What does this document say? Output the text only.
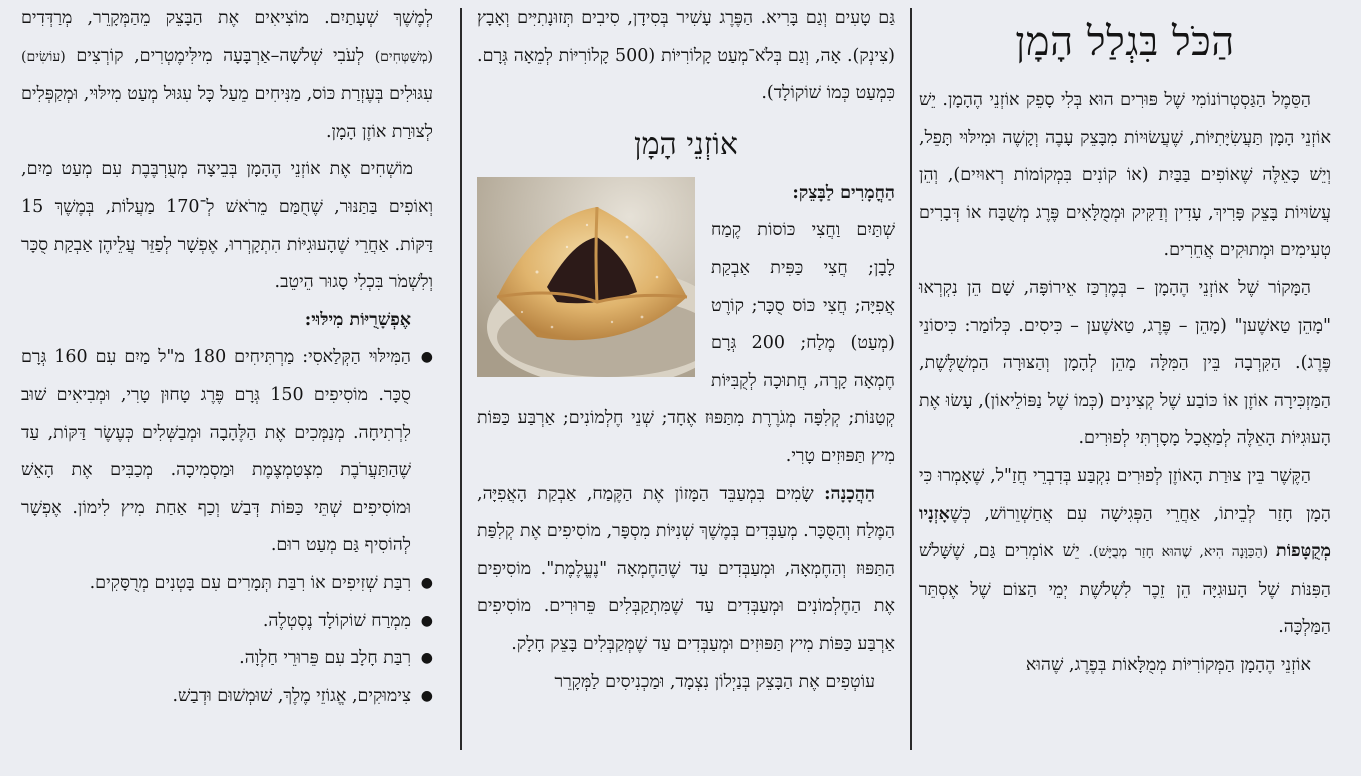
הַכֹּל בִּגְלַל הָמָן

הַסֵּמֶל הַגַּסְטְרוֹנוֹמִי שֶׁל פּוּרִים הוּא בְּלִי סָפֵק אוֹזְנֵי הֶהָמָן. יֵשׁ אוֹזְנֵי הָמָן תַּעֲשִׂיָּתִיּוֹת, שֶׁעֲשׂוּיוֹת מִבָּצֵק עָבֶה וְקָשֶׁה וּמִילּוּי תָּפֵל, וְיֵשׁ כָּאֵלֶּה שֶׁאוֹפִים בַּבַּיִת (אוֹ קוֹנִים בִּמְקוֹמוֹת רְאוּיִים), וְהֵן עֲשׂוּיוֹת בָּצֵק פָּרִיךְ, עָדִין וְדַקִּיק וּמְמֻלָּאִים פֶּרֶג מְשֻׁבָּח אוֹ דְּבָרִים טְעִימִים וּמְתוּקִים אֲחֵרִים.

הַמָּקוֹר שֶׁל אוֹזְנֵי הֶהָמָן – בְּמֶרְכַּז אֵירוֹפָּה, שָׁם הֵן נִקְרְאוּ "מָהֵן טַאשֶׁען" (מָהֵן – פֶּרֶג, טַאשֶׁען – כִּיסִים. כְּלוֹמַר: כִּיסוֹנֵי פֶּרֶג). הַקִּרְבָה בֵּין הַמִּלָּה מָהֵן לְהָמָן וְהַצּוּרָה הַמְשֻׁלֶּשֶׁת, הַמַּזְכִּירָה אוֹזֶן אוֹ כּוֹבַע שֶׁל קְצִינִים (כְּמוֹ שֶׁל נַפּוֹלֵיאוֹן), עָשׂוּ אֶת הָעוּגִיּוֹת הָאֵלֶּה לְמַאֲכָל מָסָרְתִּי לְפוּרִים.

הַקֶּשֶׁר בֵּין צוּרַת הָאוֹזֶן לְפוּרִים נִקְבַּע בְּדִבְרֵי חֲזַ"ל, שֶׁאָמְרוּ כִּי הָמָן חָזַר לְבֵיתוֹ, אַחֲרֵי הַפְּגִישָׁה עִם אֲחַשְׁוֵרוֹשׁ, כְּשֶׁאָזְנָיו מְקֻטָּפוֹת (הַכַּוָּנָה הִיא, שֶׁהוּא חָזַר מְבֻיָּשׁ). יֵשׁ אוֹמְרִים גַּם, שֶׁשָּׁלֹשׁ הַפִּנּוֹת שֶׁל הָעוּגִיָּה הֵן זֵכֶר לִשְׁלֹשֶׁת יְמֵי הַצּוֹם שֶׁל אֶסְתֵּר הַמַּלְכָּה.

אוֹזְנֵי הֶהָמָן הַמְּקוֹרִיּוֹת מְמֻלָּאוֹת בְּפֶרֶג, שֶׁהוּא

גַּם טָעִים וְגַם בָּרִיא. הַפֶּרֶג עָשִׁיר בְּסִידָן, סִיבִים תְּזוּנָתִיִּים וְאָבָץ (צִינְק). אָה, וְגַם בְּלֹא־מְעַט קָלוֹרִיּוֹת (500 קָלוֹרִיּוֹת לְמֵאָה גְּרָם. כִּמְעַט כְּמוֹ שׁוֹקוֹלָד).

אוֹזְנֵי הָמָן

הַחֳמָרִים לַבָּצֵק:
שְׁתַּיִם וַחֲצִי כּוֹסוֹת קֶמַח לָבָן; חֲצִי כַּפִּית אַבְקַת אֲפִיָּה; חֲצִי כּוֹס סֻכָּר; קוֹרֶט (מְעַט) מֶלַח; 200 גְּרָם חֶמְאָה קָרָה, חֲתוּכָה לְקֻבִּיּוֹת קְטַנּוֹת; קְלִפָּה מְגֹרֶרֶת מִתַּפּוּז אֶחָד; שְׁנֵי חֶלְמוֹנִים; אַרְבַּע כַּפּוֹת מִיץ תַּפּוּזִים טָרִי.

הַהֲכָנָה: שָׂמִים בִּמְעַבֵּד הַמָּזוֹן אֶת הַקֶּמַח, אַבְקַת הָאֲפִיָּה, הַמֶּלַח וְהַסֻּכָּר. מְעַבְּדִים בְּמֶשֶׁךְ שְׁנִיּוֹת מִסְפָּר, מוֹסִיפִים אֶת קְלִפַּת הַתַּפּוּז וְהַחֶמְאָה, וּמְעַבְּדִים עַד שֶׁהַחֶמְאָה "נֶעֱלֶמֶת". מוֹסִיפִים אֶת הַחֶלְמוֹנִים וּמְעַבְּדִים עַד שֶׁמִּתְקַבְּלִים פֵּרוּרִים. מוֹסִיפִים אַרְבַּע כַּפּוֹת מִיץ תַּפּוּזִים וּמְעַבְּדִים עַד שֶׁמְּקַבְּלִים בָּצֵק חָלָק.

עוֹטְפִים אֶת הַבָּצֵק בְּנַיְלוֹן נִצְמָד, וּמַכְנִיסִים לַמְּקָרֵר

לְמֶשֶׁךְ שְׁעָתַיִם. מוֹצִיאִים אֶת הַבָּצֵק מֵהַמְּקָרֵר, מְרַדְּדִים (מְשַׁטְּחִים) לְעֹבִי שְׁלֹשָׁה–אַרְבָּעָה מִילִּימֶטְרִים, קוֹרְצִים (עוֹשִׂים) עִגּוּלִים בְּעֶזְרַת כּוֹס, מַנִּיחִים מֵעַל כָּל עִגּוּל מְעַט מִילּוּי, וּמְקַפְּלִים לְצוּרַת אוֹזֶן הָמָן.

מוֹשְׁחִים אֶת אוֹזְנֵי הֶהָמָן בְּבֵיצָה מְעֻרְבֶּבֶת עִם מְעַט מַיִם, וְאוֹפִים בַּתַּנּוּר, שֶׁחֻמַּם מֵרֹאשׁ לְ־170 מַעֲלוֹת, בְּמֶשֶׁךְ 15 דַּקּוֹת. אַחֲרֵי שֶׁהָעוּגִיּוֹת הִתְקָרְרוּ, אֶפְשָׁר לְפַזֵּר עֲלֵיהֶן אַבְקַת סֻכָּר וְלִשְׁמֹר בִּכְלִי סָגוּר הֵיטֵב.

אֶפְשָׁרֻיּוֹת מִילּוּי:

● הַמִּילּוּי הַקְּלַאסִי: מַרְתִּיחִים 180 מ"ל מַיִם עִם 160 גְּרָם סֻכָּר. מוֹסִיפִים 150 גְּרָם פֶּרֶג טָחוּן טָרִי, וּמְבִיאִים שׁוּב לִרְתִיחָה. מְנַמְּכִים אֶת הַלֶּהָבָה וּמְבַשְּׁלִים כְּעֶשֶׂר דַּקּוֹת, עַד שֶׁהַתַּעֲרֹבֶת מִצְטַמְצֶמֶת וּמַסְמִיכָה. מְכַבִּים אֶת הָאֵשׁ וּמוֹסִיפִים שְׁתֵּי כַּפּוֹת דְּבַשׁ וְכַף אַחַת מִיץ לִימוֹן. אֶפְשָׁר לְהוֹסִיף גַּם מְעַט רוּם.
● רִבַּת שְׁזִיפִים אוֹ רִבַּת תְּמָרִים עִם בָּטְנִים מְרֻסָּקִים.
● מִמְרַח שׁוֹקוֹלָד נֶסְטְלֶה.
● רִבַּת חָלָב עִם פֵּרוּרֵי חַלְוָה.
● צִימוּקִים, אֱגוֹזֵי מֶלֶךְ, שׁוּמְשׁוּם וּדְבַשׁ.
